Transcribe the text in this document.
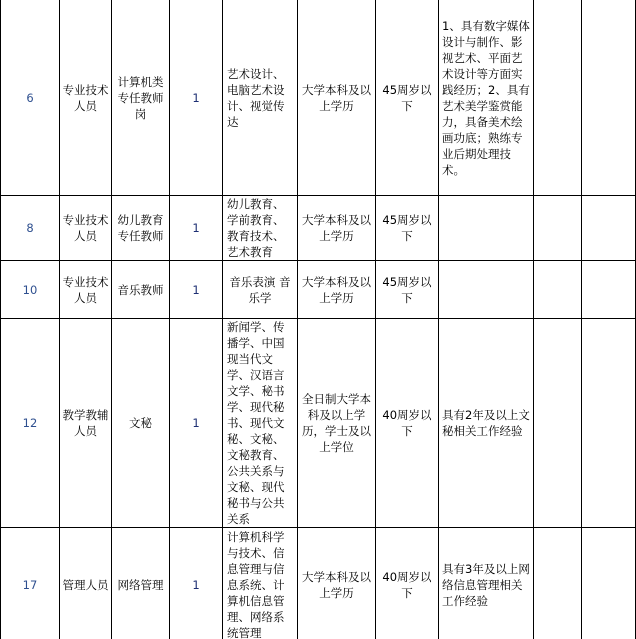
6	专业技术人员	计算机类专任教师岗	1	艺术设计、电脑艺术设计、视觉传达	大学本科及以上学历	45周岁以下	1、具有数字媒体设计与制作、影视艺术、平面艺术设计等方面实践经历；2、具有艺术美学鉴赏能力，具备美术绘画功底；熟练专业后期处理技术。		
8	专业技术人员	幼儿教育专任教师	1	幼儿教育、学前教育、教育技术、艺术教育	大学本科及以上学历	45周岁以下			
10	专业技术人员	音乐教师	1	音乐表演 音乐学	大学本科及以上学历	45周岁以下			
12	教学教辅人员	文秘	1	新闻学、传播学、中国现当代文学、汉语言文学、秘书学、现代秘书、现代文秘、文秘、文秘教育、公共关系与文秘、现代秘书与公共关系	全日制大学本科及以上学历，学士及以上学位	40周岁以下	具有2年及以上文秘相关工作经验		
17	管理人员	网络管理	1	计算机科学与技术、信息管理与信息系统、计算机信息管理、网络系统管理	大学本科及以上学历	40周岁以下	具有3年及以上网络信息管理相关工作经验		
